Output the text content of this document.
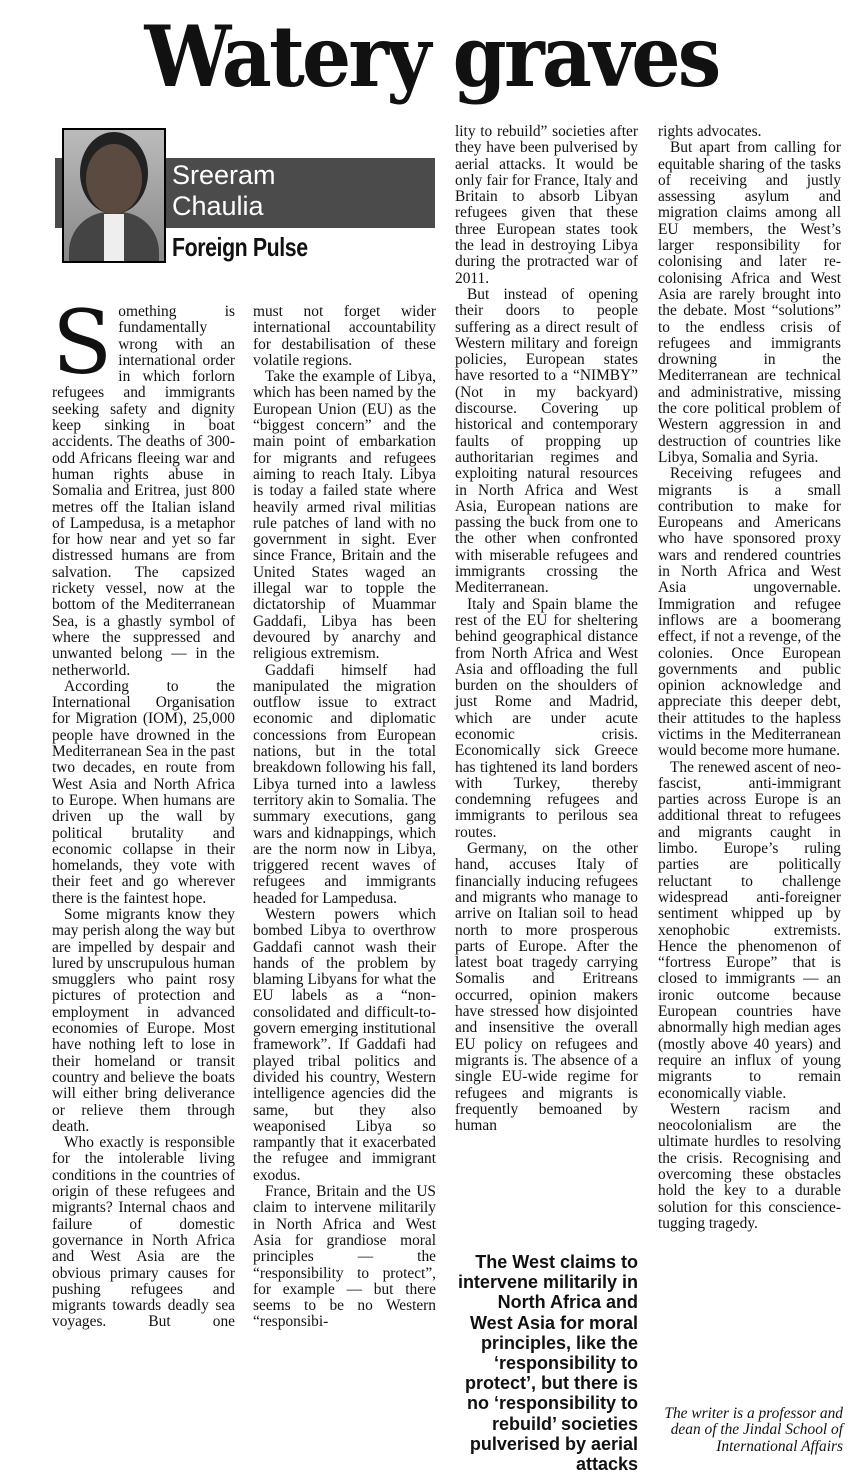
Watery graves
Sreeram
Chaulia
Foreign Pulse

Something is fundamentally wrong with an international order in which forlorn refugees and immigrants seeking safety and dignity keep sinking in boat accidents. The deaths of 300-odd Africans fleeing war and human rights abuse in Somalia and Eritrea, just 800 metres off the Italian island of Lampedusa, is a metaphor for how near and yet so far distressed humans are from salvation. The capsized rickety vessel, now at the bottom of the Mediterranean Sea, is a ghastly symbol of where the suppressed and unwanted belong — in the netherworld.

According to the International Organisation for Migration (IOM), 25,000 people have drowned in the Mediterranean Sea in the past two decades, en route from West Asia and North Africa to Europe. When humans are driven up the wall by political brutality and economic collapse in their homelands, they vote with their feet and go wherever there is the faintest hope.

Some migrants know they may perish along the way but are impelled by despair and lured by unscrupulous human smugglers who paint rosy pictures of protection and employment in advanced economies of Europe. Most have nothing left to lose in their homeland or transit country and believe the boats will either bring deliverance or relieve them through death.

Who exactly is responsible for the intolerable living conditions in the countries of origin of these refugees and migrants? Internal chaos and failure of domestic governance in North Africa and West Asia are the obvious primary causes for pushing refugees and migrants towards deadly sea voyages. But one

must not forget wider international accountability for destabilisation of these volatile regions.

Take the example of Libya, which has been named by the European Union (EU) as the “biggest concern” and the main point of embarkation for migrants and refugees aiming to reach Italy. Libya is today a failed state where heavily armed rival militias rule patches of land with no government in sight. Ever since France, Britain and the United States waged an illegal war to topple the dictatorship of Muammar Gaddafi, Libya has been devoured by anarchy and religious extremism.

Gaddafi himself had manipulated the migration outflow issue to extract economic and diplomatic concessions from European nations, but in the total breakdown following his fall, Libya turned into a lawless territory akin to Somalia. The summary executions, gang wars and kidnappings, which are the norm now in Libya, triggered recent waves of refugees and immigrants headed for Lampedusa.

Western powers which bombed Libya to overthrow Gaddafi cannot wash their hands of the problem by blaming Libyans for what the EU labels as a “non-consolidated and difficult-to-govern emerging institutional framework”. If Gaddafi had played tribal politics and divided his country, Western intelligence agencies did the same, but they also weaponised Libya so rampantly that it exacerbated the refugee and immigrant exodus.

France, Britain and the US claim to intervene militarily in North Africa and West Asia for grandiose moral principles — the “responsibility to protect”, for example — but there seems to be no Western “responsibi-

lity to rebuild” societies after they have been pulverised by aerial attacks. It would be only fair for France, Italy and Britain to absorb Libyan refugees given that these three European states took the lead in destroying Libya during the protracted war of 2011.

But instead of opening their doors to people suffering as a direct result of Western military and foreign policies, European states have resorted to a “NIMBY” (Not in my backyard) discourse. Covering up historical and contemporary faults of propping up authoritarian regimes and exploiting natural resources in North Africa and West Asia, European nations are passing the buck from one to the other when confronted with miserable refugees and immigrants crossing the Mediterranean.

Italy and Spain blame the rest of the EU for sheltering behind geographical distance from North Africa and West Asia and offloading the full burden on the shoulders of just Rome and Madrid, which are under acute economic crisis. Economically sick Greece has tightened its land borders with Turkey, thereby condemning refugees and immigrants to perilous sea routes.

Germany, on the other hand, accuses Italy of financially inducing refugees and migrants who manage to arrive on Italian soil to head north to more prosperous parts of Europe. After the latest boat tragedy carrying Somalis and Eritreans occurred, opinion makers have stressed how disjointed and insensitive the overall EU policy on refugees and migrants is. The absence of a single EU-wide regime for refugees and migrants is frequently bemoaned by human

rights advocates.

But apart from calling for equitable sharing of the tasks of receiving and justly assessing asylum and migration claims among all EU members, the West’s larger responsibility for colonising and later re-colonising Africa and West Asia are rarely brought into the debate. Most “solutions” to the endless crisis of refugees and immigrants drowning in the Mediterranean are technical and administrative, missing the core political problem of Western aggression in and destruction of countries like Libya, Somalia and Syria.

Receiving refugees and migrants is a small contribution to make for Europeans and Americans who have sponsored proxy wars and rendered countries in North Africa and West Asia ungovernable. Immigration and refugee inflows are a boomerang effect, if not a revenge, of the colonies. Once European governments and public opinion acknowledge and appreciate this deeper debt, their attitudes to the hapless victims in the Mediterranean would become more humane.

The renewed ascent of neo-fascist, anti-immigrant parties across Europe is an additional threat to refugees and migrants caught in limbo. Europe’s ruling parties are politically reluctant to challenge widespread anti-foreigner sentiment whipped up by xenophobic extremists. Hence the phenomenon of “fortress Europe” that is closed to immigrants — an ironic outcome because European countries have abnormally high median ages (mostly above 40 years) and require an influx of young migrants to remain economically viable.

Western racism and neocolonialism are the ultimate hurdles to resolving the crisis. Recognising and overcoming these obstacles hold the key to a durable solution for this conscience-tugging tragedy.

The West claims to intervene militarily in North Africa and West Asia for moral principles, like the ‘responsibility to protect’, but there is no ‘responsibility to rebuild’ societies pulverised by aerial attacks
The writer is a professor and dean of the Jindal School of International Affairs
